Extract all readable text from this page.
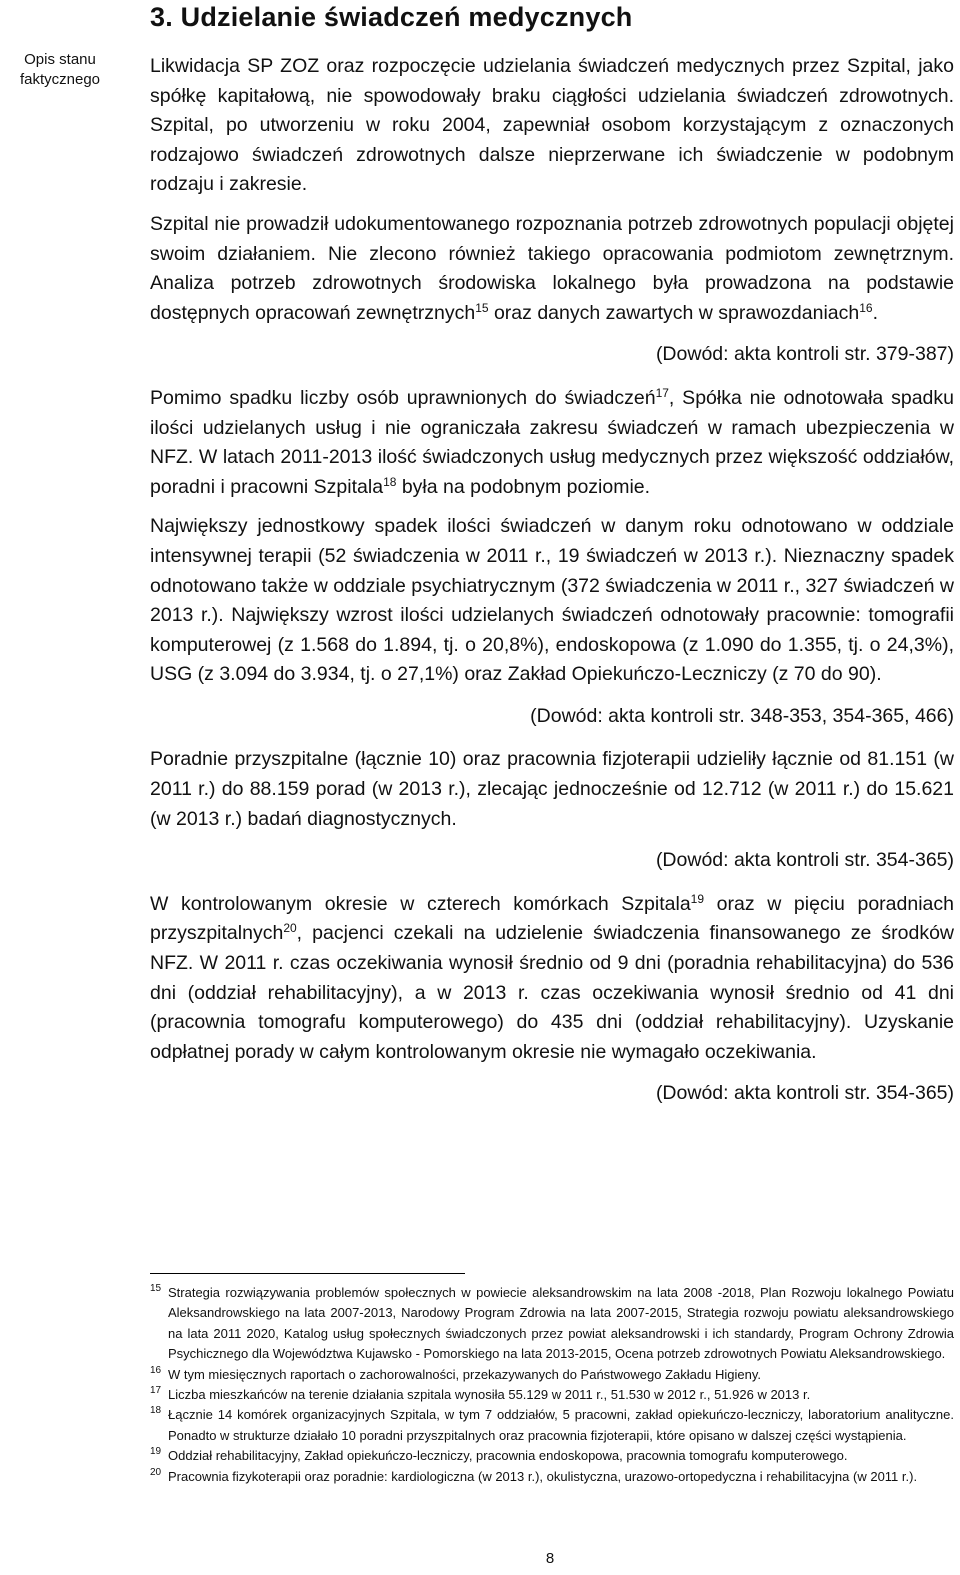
Opis stanu
faktycznego
3. Udzielanie świadczeń medycznych

Likwidacja SP ZOZ oraz rozpoczęcie udzielania świadczeń medycznych przez Szpital, jako spółkę kapitałową, nie spowodowały braku ciągłości udzielania świadczeń zdrowotnych. Szpital, po utworzeniu w roku 2004, zapewniał osobom korzystającym z oznaczonych rodzajowo świadczeń zdrowotnych dalsze nieprzerwane ich świadczenie w podobnym rodzaju i zakresie.

Szpital nie prowadził udokumentowanego rozpoznania potrzeb zdrowotnych populacji objętej swoim działaniem. Nie zlecono również takiego opracowania podmiotom zewnętrznym. Analiza potrzeb zdrowotnych środowiska lokalnego była prowadzona na podstawie dostępnych opracowań zewnętrznych$^{15}$ oraz danych zawartych w sprawozdaniach$^{16}$.

(Dowód: akta kontroli str. 379-387)

Pomimo spadku liczby osób uprawnionych do świadczeń$^{17}$, Spółka nie odnotowała spadku ilości udzielanych usług i nie ograniczała zakresu świadczeń w ramach ubezpieczenia w NFZ. W latach 2011-2013 ilość świadczonych usług medycznych przez większość oddziałów, poradni i pracowni Szpitala$^{18}$ była na podobnym poziomie.

Największy jednostkowy spadek ilości świadczeń w danym roku odnotowano w oddziale intensywnej terapii (52 świadczenia w 2011 r., 19 świadczeń w 2013 r.). Nieznaczny spadek odnotowano także w oddziale psychiatrycznym (372 świadczenia w 2011 r., 327 świadczeń w 2013 r.). Największy wzrost ilości udzielanych świadczeń odnotowały pracownie: tomografii komputerowej (z 1.568 do 1.894, tj. o 20,8%), endoskopowa (z 1.090 do 1.355, tj. o 24,3%), USG (z 3.094 do 3.934, tj. o 27,1%) oraz Zakład Opiekuńczo-Leczniczy (z 70 do 90).

(Dowód: akta kontroli str. 348-353, 354-365, 466)

Poradnie przyszpitalne (łącznie 10) oraz pracownia fizjoterapii udzieliły łącznie od 81.151 (w 2011 r.) do 88.159 porad (w 2013 r.), zlecając jednocześnie od 12.712 (w 2011 r.) do 15.621 (w 2013 r.) badań diagnostycznych.

(Dowód: akta kontroli str. 354-365)

W kontrolowanym okresie w czterech komórkach Szpitala$^{19}$ oraz w pięciu poradniach przyszpitalnych$^{20}$, pacjenci czekali na udzielenie świadczenia finansowanego ze środków NFZ. W 2011 r. czas oczekiwania wynosił średnio od 9 dni (poradnia rehabilitacyjna) do 536 dni (oddział rehabilitacyjny), a w 2013 r. czas oczekiwania wynosił średnio od 41 dni (pracownia tomografu komputerowego) do 435 dni (oddział rehabilitacyjny). Uzyskanie odpłatnej porady w całym kontrolowanym okresie nie wymagało oczekiwania.

(Dowód: akta kontroli str. 354-365)
15 Strategia rozwiązywania problemów społecznych w powiecie aleksandrowskim na lata 2008 -2018, Plan Rozwoju lokalnego Powiatu Aleksandrowskiego na lata 2007-2013, Narodowy Program Zdrowia na lata 2007-2015, Strategia rozwoju powiatu aleksandrowskiego na lata 2011 2020, Katalog usług społecznych świadczonych przez powiat aleksandrowski i ich standardy, Program Ochrony Zdrowia Psychicznego dla Województwa Kujawsko - Pomorskiego na lata 2013-2015, Ocena potrzeb zdrowotnych Powiatu Aleksandrowskiego.
16 W tym miesięcznych raportach o zachorowalności, przekazywanych do Państwowego Zakładu Higieny.
17 Liczba mieszkańców na terenie działania szpitala wynosiła 55.129 w 2011 r., 51.530 w 2012 r., 51.926 w 2013 r.
18 Łącznie 14 komórek organizacyjnych Szpitala, w tym 7 oddziałów, 5 pracowni, zakład opiekuńczo-leczniczy, laboratorium analityczne. Ponadto w strukturze działało 10 poradni przyszpitalnych oraz pracownia fizjoterapii, które opisano w dalszej części wystąpienia.
19 Oddział rehabilitacyjny, Zakład opiekuńczo-leczniczy, pracownia endoskopowa, pracownia tomografu komputerowego.
20 Pracownia fizykoterapii oraz poradnie: kardiologiczna (w 2013 r.), okulistyczna, urazowo-ortopedyczna i rehabilitacyjna (w 2011 r.).
8
